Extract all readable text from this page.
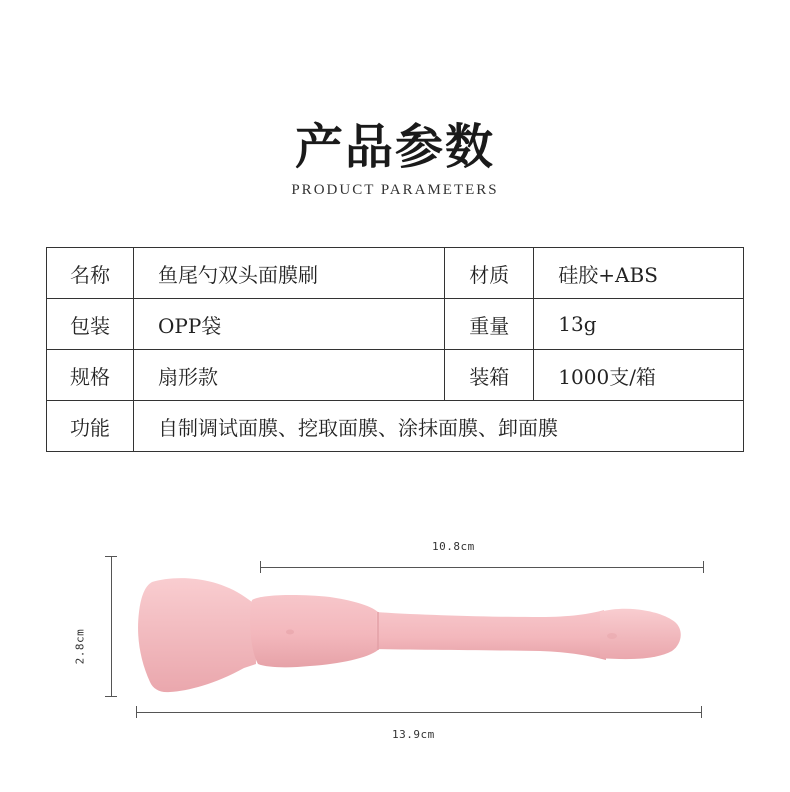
产品参数
PRODUCT PARAMETERS
名称	鱼尾勺双头面膜刷	材质	硅胶+ABS
包装	OPP袋	重量	13g
规格	扇形款	装箱	1000支/箱
功能	自制调试面膜、挖取面膜、涂抹面膜、卸面膜		
10.8cm
13.9cm
2.8cm
